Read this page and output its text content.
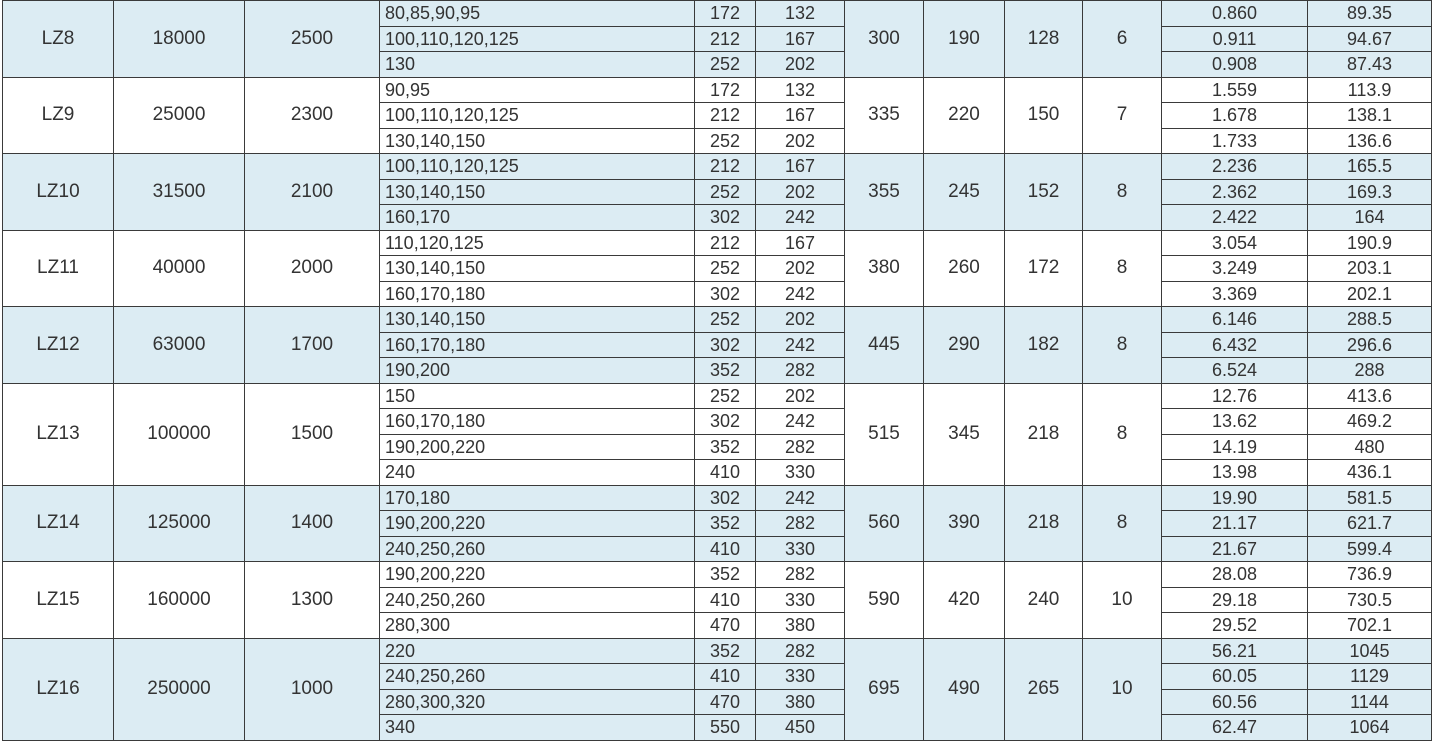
LZ8	18000	2500	80,85,90,95	172	132	300	190	128	6	0.860	89.35
			100,110,120,125	212	167					0.911	94.67
			130	252	202					0.908	87.43
LZ9	25000	2300	90,95	172	132	335	220	150	7	1.559	113.9
			100,110,120,125	212	167					1.678	138.1
			130,140,150	252	202					1.733	136.6
LZ10	31500	2100	100,110,120,125	212	167	355	245	152	8	2.236	165.5
			130,140,150	252	202					2.362	169.3
			160,170	302	242					2.422	164
LZ11	40000	2000	110,120,125	212	167	380	260	172	8	3.054	190.9
			130,140,150	252	202					3.249	203.1
			160,170,180	302	242					3.369	202.1
LZ12	63000	1700	130,140,150	252	202	445	290	182	8	6.146	288.5
			160,170,180	302	242					6.432	296.6
			190,200	352	282					6.524	288
LZ13	100000	1500	150	252	202	515	345	218	8	12.76	413.6
			160,170,180	302	242					13.62	469.2
			190,200,220	352	282					14.19	480
			240	410	330					13.98	436.1
LZ14	125000	1400	170,180	302	242	560	390	218	8	19.90	581.5
			190,200,220	352	282					21.17	621.7
			240,250,260	410	330					21.67	599.4
LZ15	160000	1300	190,200,220	352	282	590	420	240	10	28.08	736.9
			240,250,260	410	330					29.18	730.5
			280,300	470	380					29.52	702.1
LZ16	250000	1000	220	352	282	695	490	265	10	56.21	1045
			240,250,260	410	330					60.05	1129
			280,300,320	470	380					60.56	1144
			340	550	450					62.47	1064
